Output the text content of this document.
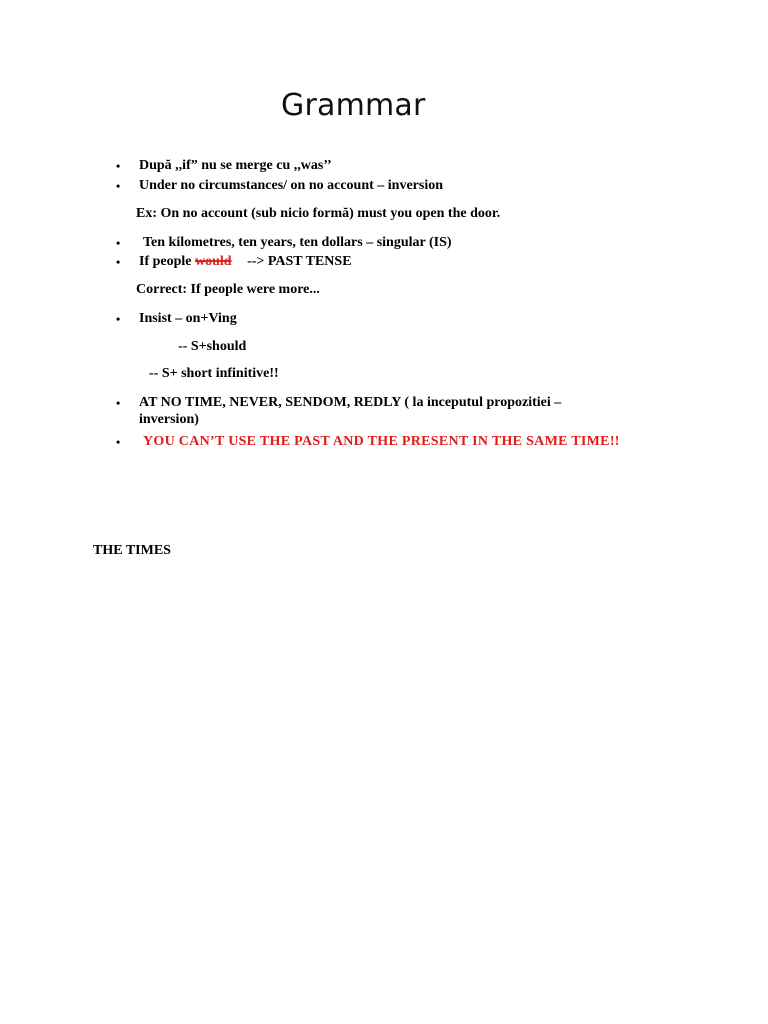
Grammar
• După ,,if” nu se merge cu ,,was’’
• Under no circumstances/ on no account – inversion
Ex: On no account (sub nicio formă) must you open the door.
• Ten kilometres, ten years, ten dollars – singular (IS)
• If people would --> PAST TENSE
Correct: If people were more...
• Insist – on+Ving
-- S+should
-- S+ short infinitive!!
• AT NO TIME, NEVER, SENDOM, REDLY ( la inceputul propozitiei –
inversion)
• YOU CAN’T USE THE PAST AND THE PRESENT IN THE SAME TIME!!
THE TIMES
